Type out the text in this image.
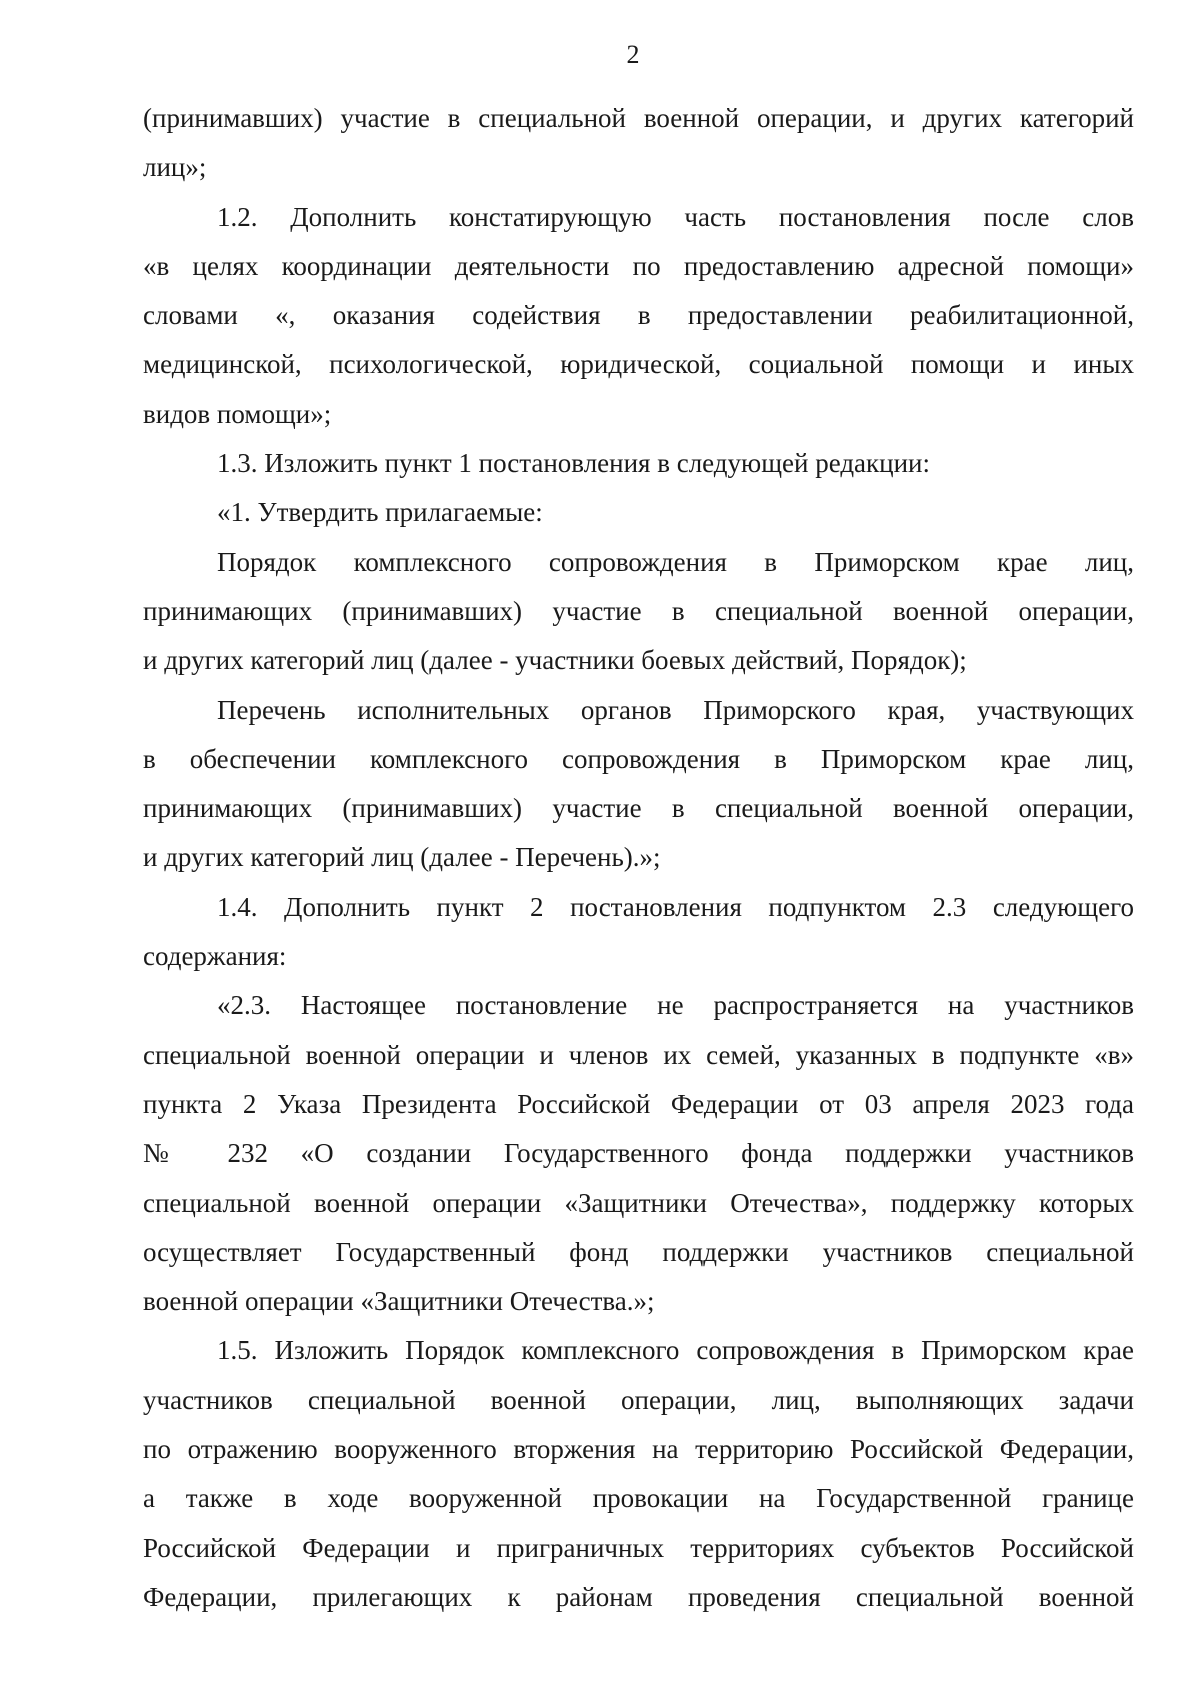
2

(принимавших) участие в специальной военной операции, и других категорий
лиц»;

1.2. Дополнить констатирующую часть постановления после слов
«в целях координации деятельности по предоставлению адресной помощи»
словами «, оказания содействия в предоставлении реабилитационной,
медицинской, психологической, юридической, социальной помощи и иных
видов помощи»;

1.3. Изложить пункт 1 постановления в следующей редакции:

«1. Утвердить прилагаемые:

Порядок комплексного сопровождения в Приморском крае лиц,
принимающих (принимавших) участие в специальной военной операции,
и других категорий лиц (далее - участники боевых действий, Порядок);

Перечень исполнительных органов Приморского края, участвующих
в обеспечении комплексного сопровождения в Приморском крае лиц,
принимающих (принимавших) участие в специальной военной операции,
и других категорий лиц (далее - Перечень).»;

1.4. Дополнить пункт 2 постановления подпунктом 2.3 следующего
содержания:

«2.3. Настоящее постановление не распространяется на участников
специальной военной операции и членов их семей, указанных в подпункте «в»
пункта 2 Указа Президента Российской Федерации от 03 апреля 2023 года
№ 232 «О создании Государственного фонда поддержки участников
специальной военной операции «Защитники Отечества», поддержку которых
осуществляет Государственный фонд поддержки участников специальной
военной операции «Защитники Отечества.»;

1.5. Изложить Порядок комплексного сопровождения в Приморском крае
участников специальной военной операции, лиц, выполняющих задачи
по отражению вооруженного вторжения на территорию Российской Федерации,
а также в ходе вооруженной провокации на Государственной границе
Российской Федерации и приграничных территориях субъектов Российской
Федерации, прилегающих к районам проведения специальной военной
